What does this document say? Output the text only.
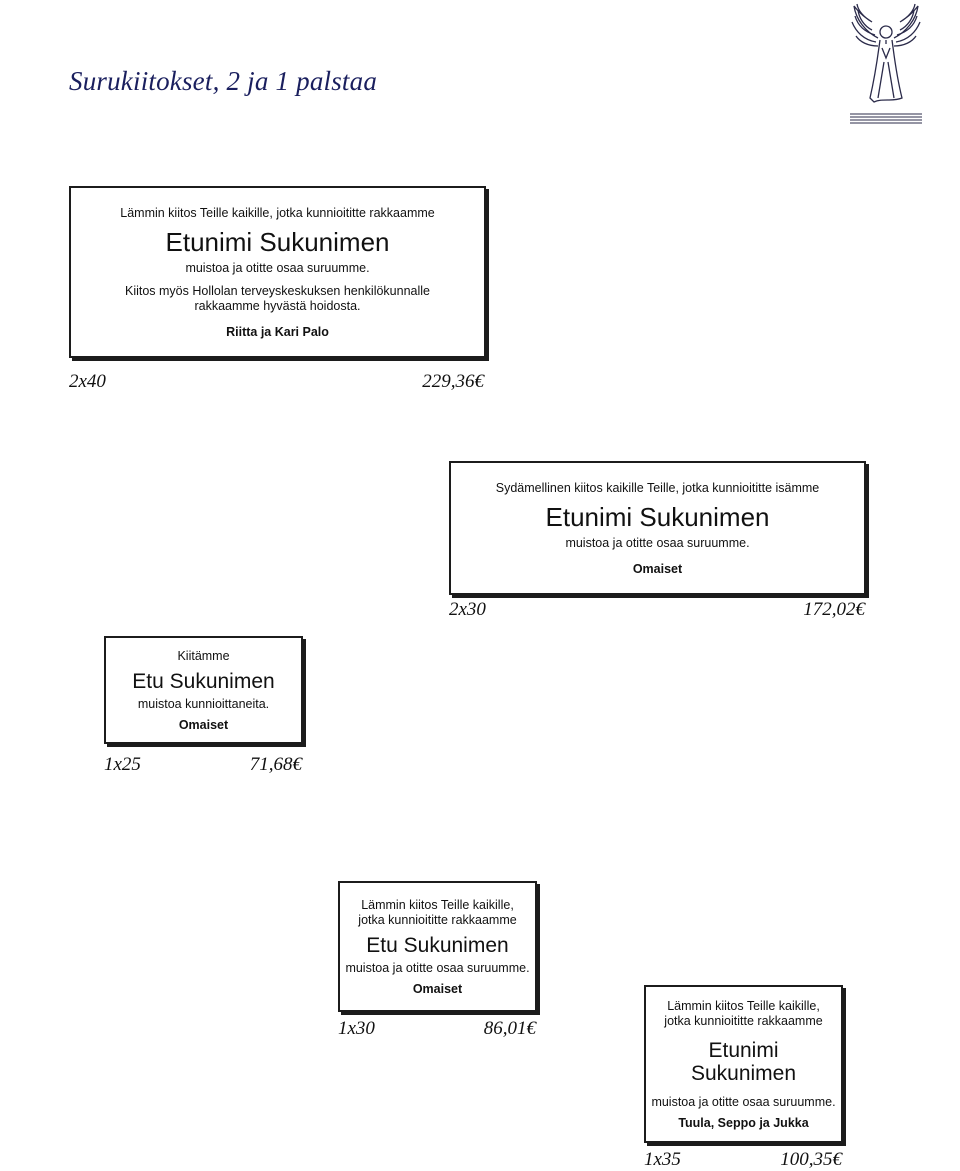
Surukiitokset, 2 ja 1 palstaa
Lämmin kiitos Teille kaikille, jotka kunnioititte rakkaamme
Etunimi Sukunimen
muistoa ja otitte osaa suruumme.
Kiitos myös Hollolan terveyskeskuksen henkilökunnalle
rakkaamme hyvästä hoidosta.
Riitta ja Kari Palo
2x40	229,36€
Sydämellinen kiitos kaikille Teille, jotka kunnioititte isämme
Etunimi Sukunimen
muistoa ja otitte osaa suruumme.
Omaiset
2x30	172,02€
Kiitämme
Etu Sukunimen
muistoa kunnioittaneita.
Omaiset
1x25	71,68€
Lämmin kiitos Teille kaikille,
jotka kunnioititte rakkaamme
Etu Sukunimen
muistoa ja otitte osaa suruumme.
Omaiset
1x30	86,01€
Lämmin kiitos Teille kaikille,
jotka kunnioititte rakkaamme
Etunimi
Sukunimen
muistoa ja otitte osaa suruumme.
Tuula, Seppo ja Jukka
1x35	100,35€
